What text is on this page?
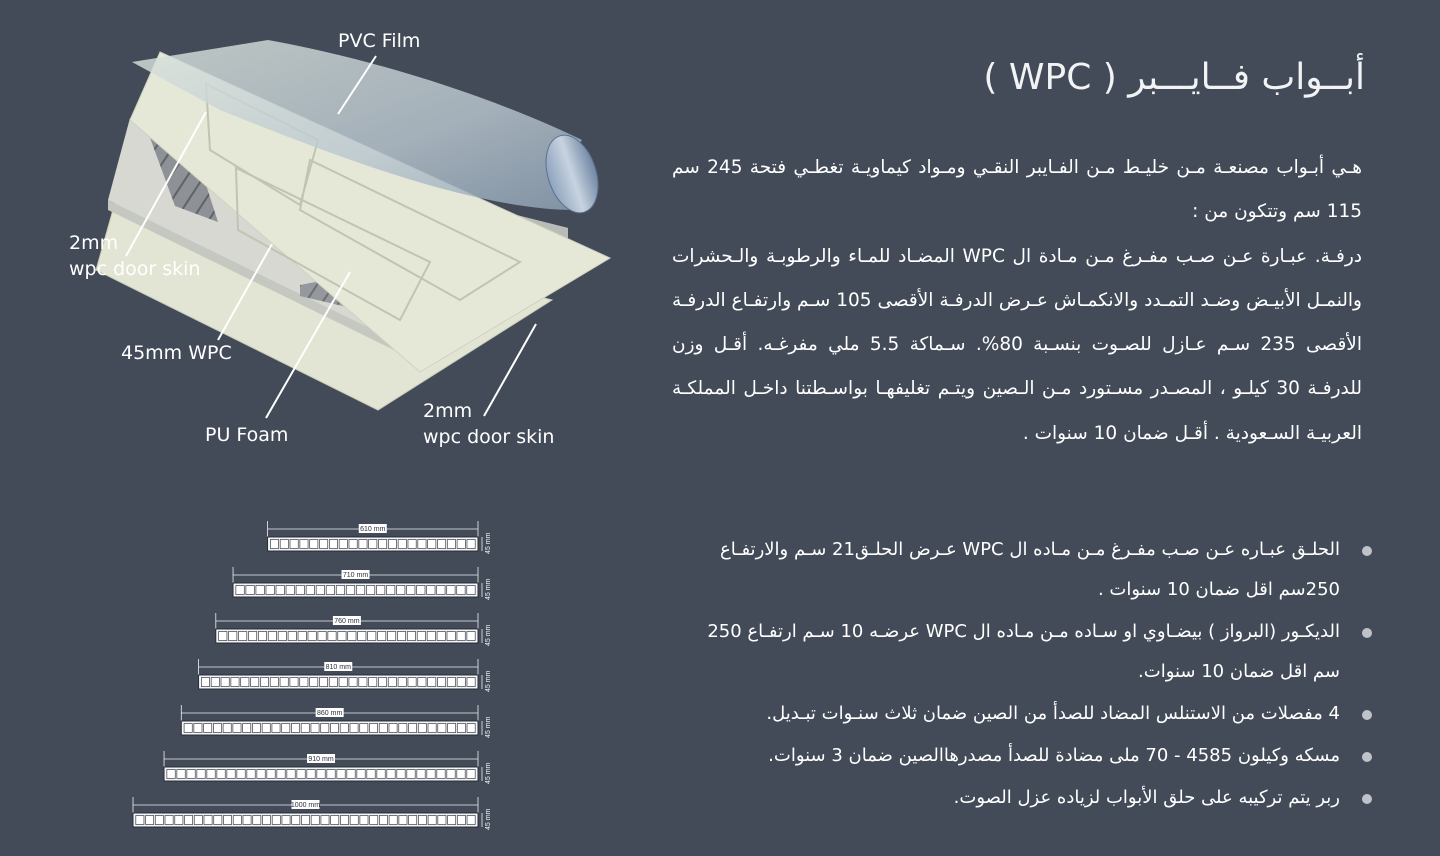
PVC Film
2mm
wpc door skin
45mm WPC
PU Foam
2mm
wpc door skin
610 mm
45 mm
710 mm
45 mm
760 mm
45 mm
810 mm
45 mm
860 mm
45 mm
910 mm
45 mm
1000 mm
45 mm
أبــواب فــايـــبر ( WPC )

هـي أبـواب مصنعـة مـن خليـط مـن الفـايبر النقـي ومـواد كيماويـة تغطـي فتحة 245 سم 115 سم وتتكون من :

درفـة. عبـارة عـن صـب مفـرغ مـن مـادة ال WPC المضـاد للمـاء والرطوبـة والـحشرات والنمـل الأبيـض وضـد التمـدد والانكمـاش عـرض الدرفـة الأقصى 105 سـم وارتفـاع الدرفـة الأقصى 235 سـم عـازل للصـوت بنسـبة 80%. سـماكة 5.5 ملي مفرغـه. أقـل وزن للدرفـة 30 كيلـو ، المصـدر مسـتورد مـن الـصين ويتـم تغليفهـا بواسـطتنا داخـل المملكـة العربيـة السـعودية . أقـل ضمان 10 سنوات .

الحلـق عبـاره عـن صـب مفـرغ مـن مـاده ال WPC عـرض الحلـق21 سـم والارتفـاع 250سم اقل ضمان 10 سنوات .
الديكـور (البرواز ) بيضـاوي او سـاده مـن مـاده ال WPC عرضـه 10 سـم ارتفـاع 250 سم اقل ضمان 10 سنوات.
4 مفصلات من الاستنلس المضاد للصدأ من الصين ضمان ثلاث سنـوات تبـديل.
مسكه وكيلون 4585 - 70 ملى مضادة للصدأ مصدرهاالصين ضمان 3 سنوات.
ربر يتم تركيبه على حلق الأبواب لزياده عزل الصوت.
